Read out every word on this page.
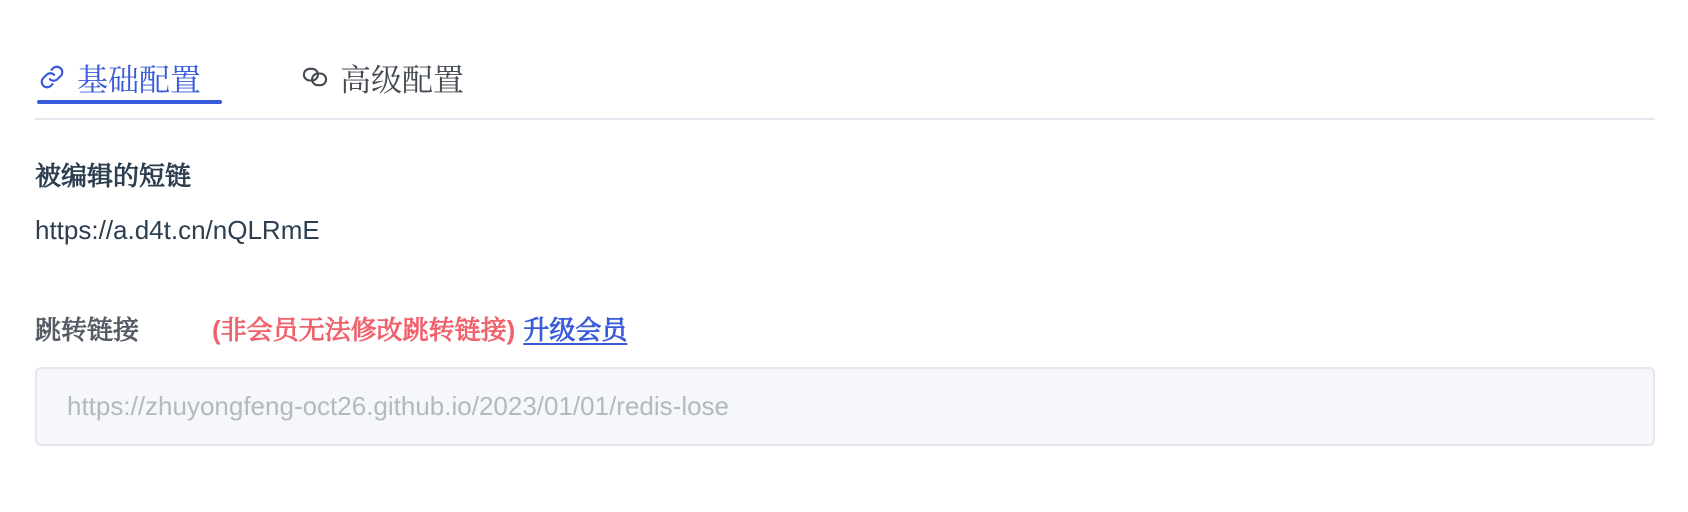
基础配置	高级配置
被编辑的短链
https://a.d4t.cn/nQLRmE
跳转链接	(非会员无法修改跳转链接) 升级会员
https://zhuyongfeng-oct26.github.io/2023/01/01/redis-lose
